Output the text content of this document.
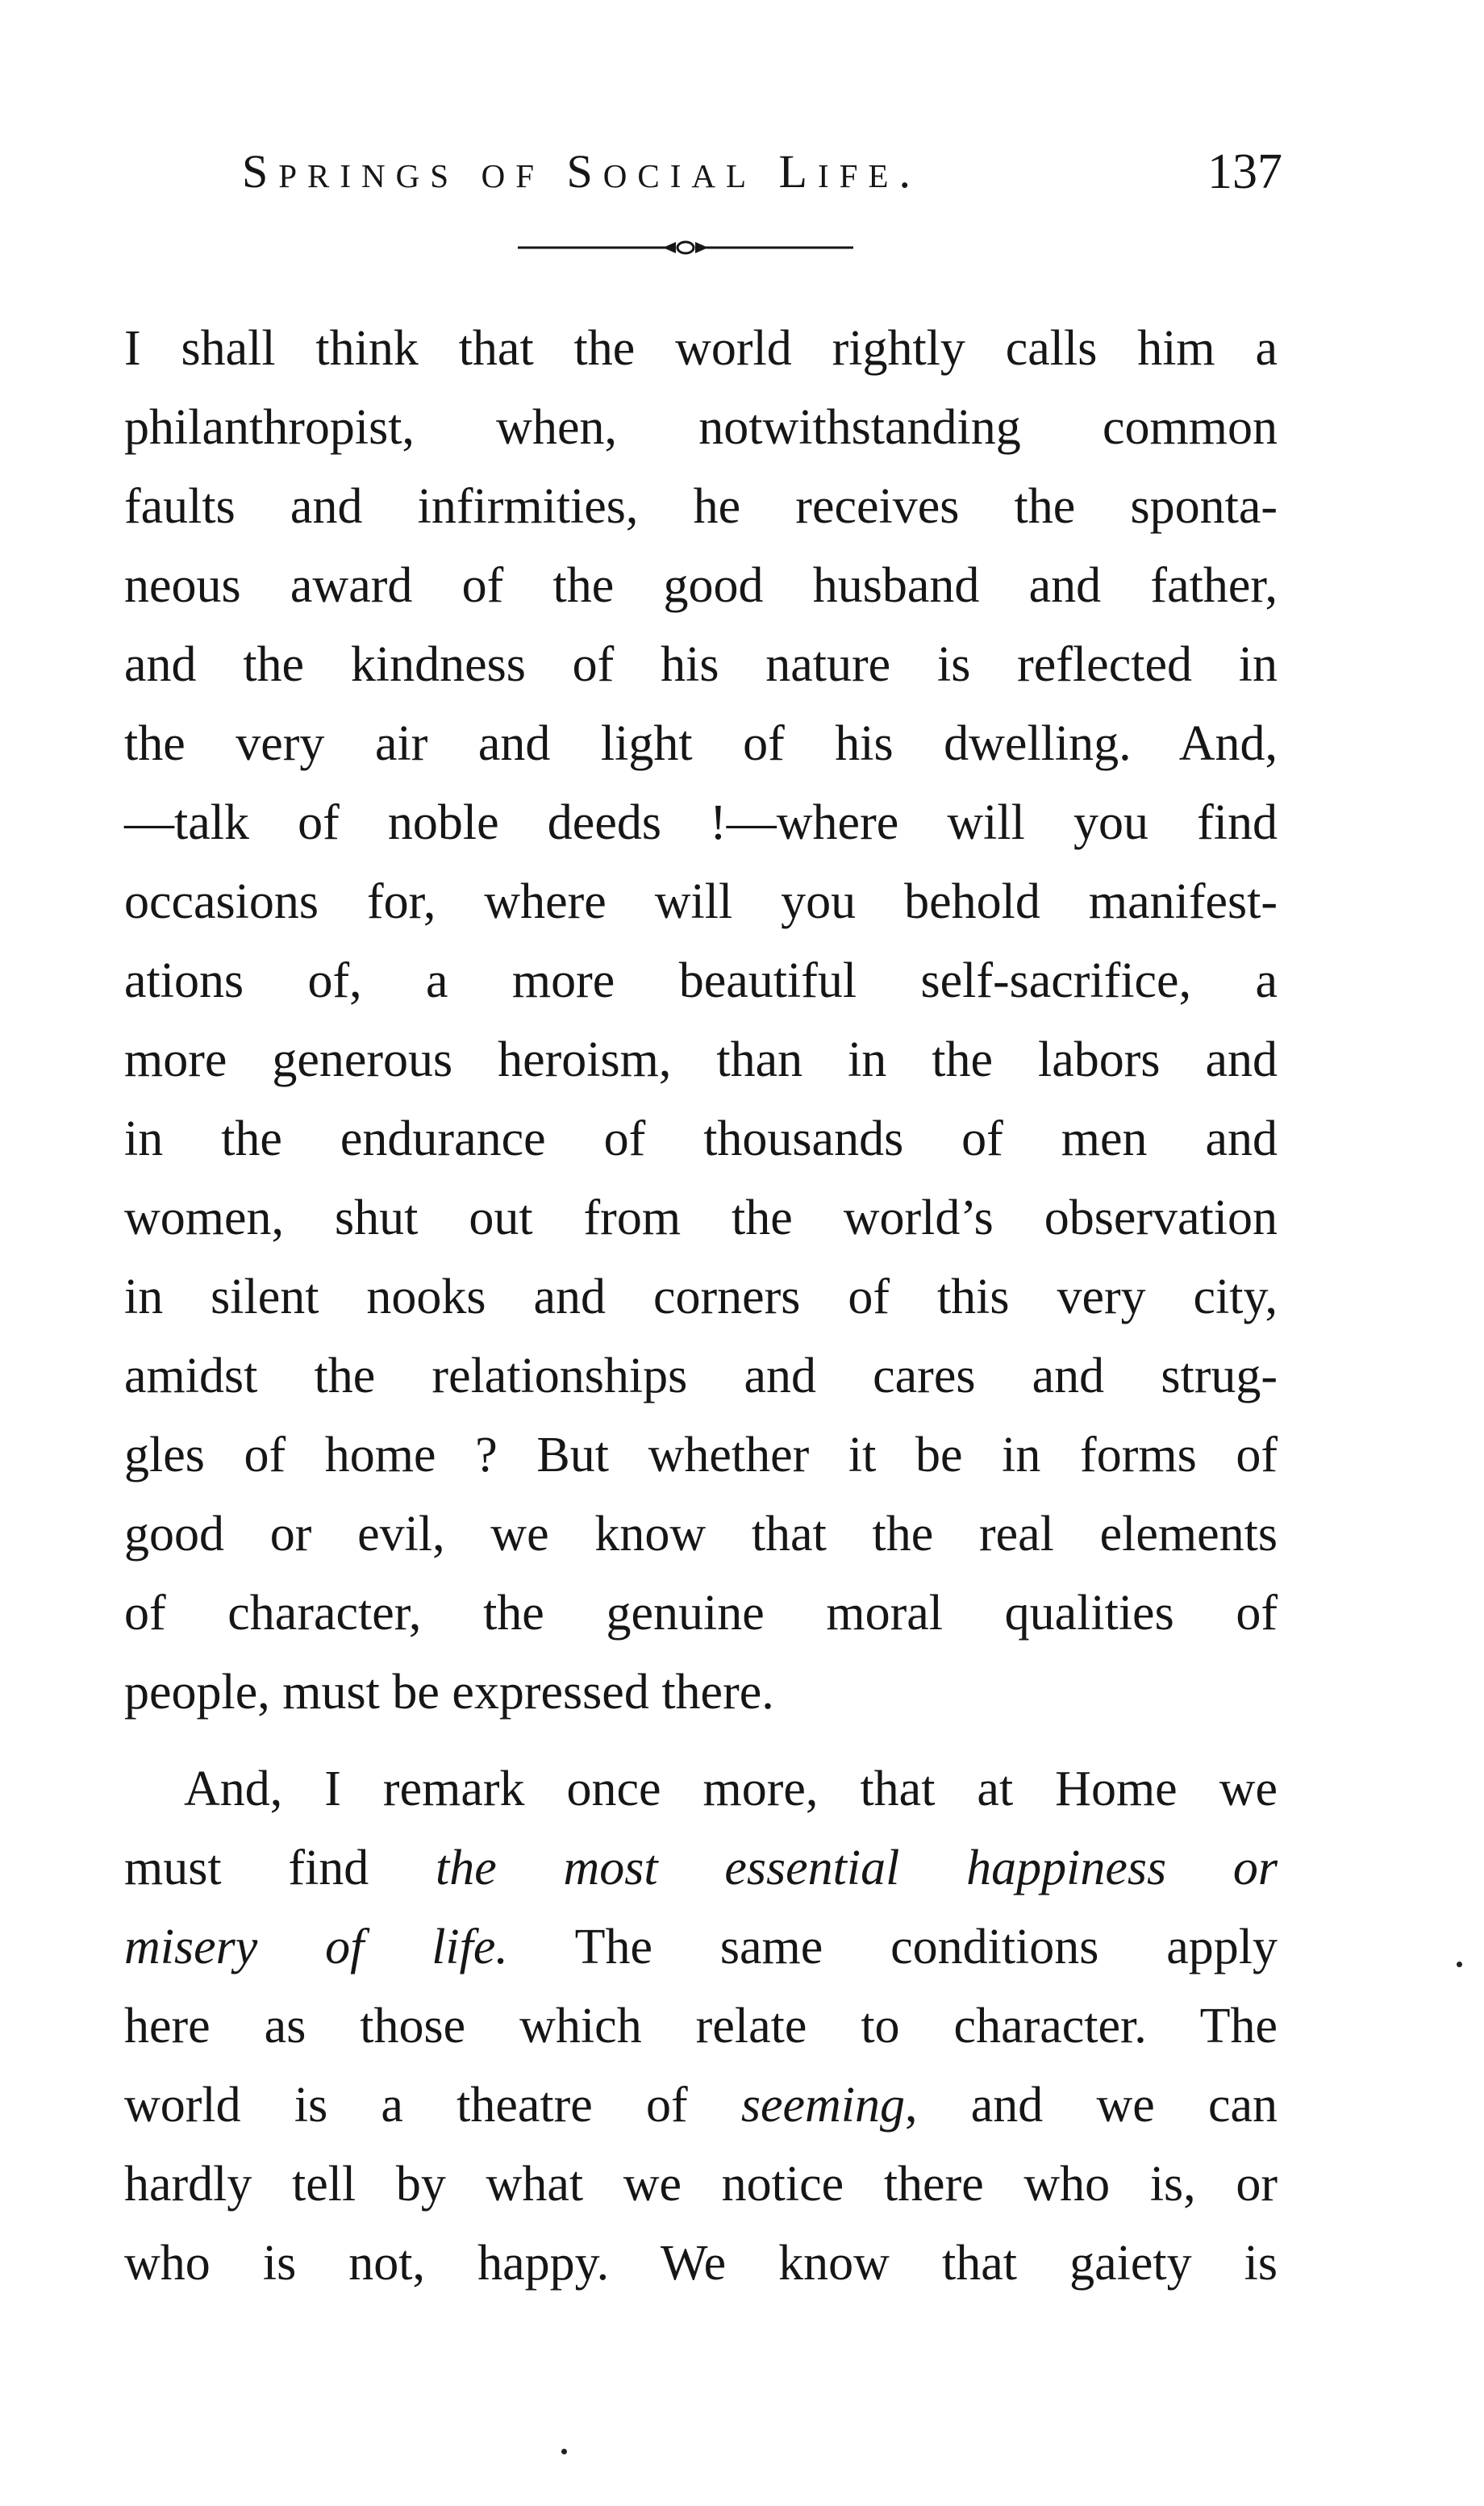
Springs of Social Life.	137
I shall think that the world rightly calls him a
philanthropist, when, notwithstanding common
faults and infirmities, he receives the sponta-
neous award of the good husband and father,
and the kindness of his nature is reflected in
the very air and light of his dwelling. And,
—talk of noble deeds !—where will you find
occasions for, where will you behold manifest-
ations of, a more beautiful self-sacrifice, a
more generous heroism, than in the labors and
in the endurance of thousands of men and
women, shut out from the world’s observation
in silent nooks and corners of this very city,
amidst the relationships and cares and strug-
gles of home ? But whether it be in forms of
good or evil, we know that the real elements
of character, the genuine moral qualities of
people, must be expressed there.
And, I remark once more, that at Home we
must find the most essential happiness or
misery of life. The same conditions apply
here as those which relate to character. The
world is a theatre of seeming, and we can
hardly tell by what we notice there who is, or
who is not, happy. We know that gaiety is
